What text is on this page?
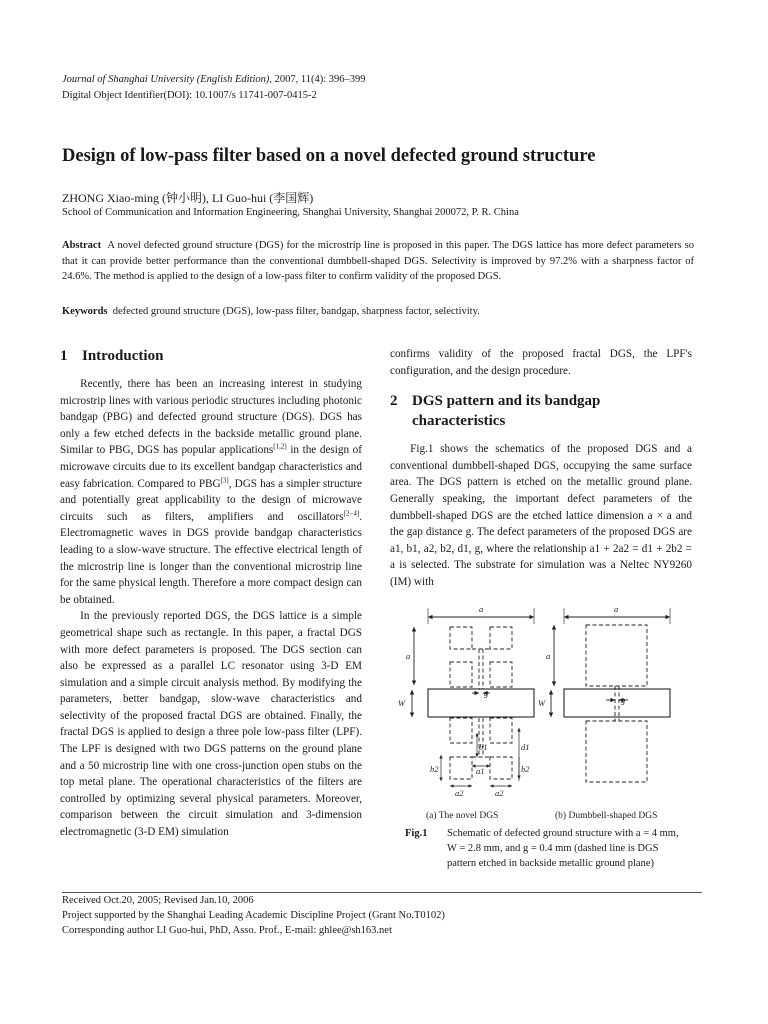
Journal of Shanghai University (English Edition), 2007, 11(4): 396–399
Digital Object Identifier(DOI): 10.1007/s 11741-007-0415-2
Design of low-pass filter based on a novel defected ground structure
ZHONG Xiao-ming (钟小明), LI Guo-hui (李国辉)
School of Communication and Information Engineering, Shanghai University, Shanghai 200072, P. R. China

Abstract A novel defected ground structure (DGS) for the microstrip line is proposed in this paper. The DGS lattice has more defect parameters so that it can provide better performance than the conventional dumbbell-shaped DGS. Selectivity is improved by 97.2% with a sharpness factor of 24.6%. The method is applied to the design of a low-pass filter to confirm validity of the proposed DGS.

Keywords defected ground structure (DGS), low-pass filter, bandgap, sharpness factor, selectivity.

1 Introduction

Recently, there has been an increasing interest in studying microstrip lines with various periodic structures including photonic bandgap (PBG) and defected ground structure (DGS). DGS has only a few etched defects in the backside metallic ground plane. Similar to PBG, DGS has popular applications[1,2] in the design of microwave circuits due to its excellent bandgap characteristics and easy fabrication. Compared to PBG[3], DGS has a simpler structure and potentially great applicability to the design of microwave circuits such as filters, amplifiers and oscillators[2−4]. Electromagnetic waves in DGS provide bandgap characteristics leading to a slow-wave structure. The effective electrical length of the microstrip line is longer than the conventional microstrip line for the same physical length. Therefore a more compact design can be obtained.

In the previously reported DGS, the DGS lattice is a simple geometrical shape such as rectangle. In this paper, a fractal DGS with more defect parameters is proposed. The DGS section can also be expressed as a parallel LC resonator using 3-D EM simulation and a simple circuit analysis method. By modifying the parameters, better bandgap, slow-wave characteristics and selectivity of the proposed fractal DGS are obtained. Finally, the fractal DGS is applied to design a three pole low-pass filter (LPF). The LPF is designed with two DGS patterns on the ground plane and a 50 microstrip line with one cross-junction open stubs on the top metal plane. The operational characteristics of the filters are controlled by optimizing several physical parameters. Moreover, comparison between the circuit simulation and 3-dimension electromagnetic (3-D EM) simulation

confirms validity of the proposed fractal DGS, the LPF's configuration, and the design procedure.

2 DGS pattern and its bandgap characteristics

Fig.1 shows the schematics of the proposed DGS and a conventional dumbbell-shaped DGS, occupying the same surface area. The DGS pattern is etched on the metallic ground plane. Generally speaking, the important defect parameters of the dumbbell-shaped DGS are the etched lattice dimension a × a and the gap distance g. The defect parameters of the proposed DGS are a1, b1, a2, b2, d1, g, where the relationship a1 + 2a2 = d1 + 2b2 = a is selected. The substrate for simulation was a Neltec NY9260 (IM) with

a
a
W
g
b1	d1
b2	b2
a1
a2	a2
a
a
W	g
(a) The novel DGS	(b) Dumbbell-shaped DGS
Fig.1	Schematic of defected ground structure with a = 4 mm, W = 2.8 mm, and g = 0.4 mm (dashed line is DGS pattern etched in backside metallic ground plane)
Received Oct.20, 2005; Revised Jan.10, 2006
Project supported by the Shanghai Leading Academic Discipline Project (Grant No.T0102)
Corresponding author LI Guo-hui, PhD, Asso. Prof., E-mail: ghlee@sh163.net
